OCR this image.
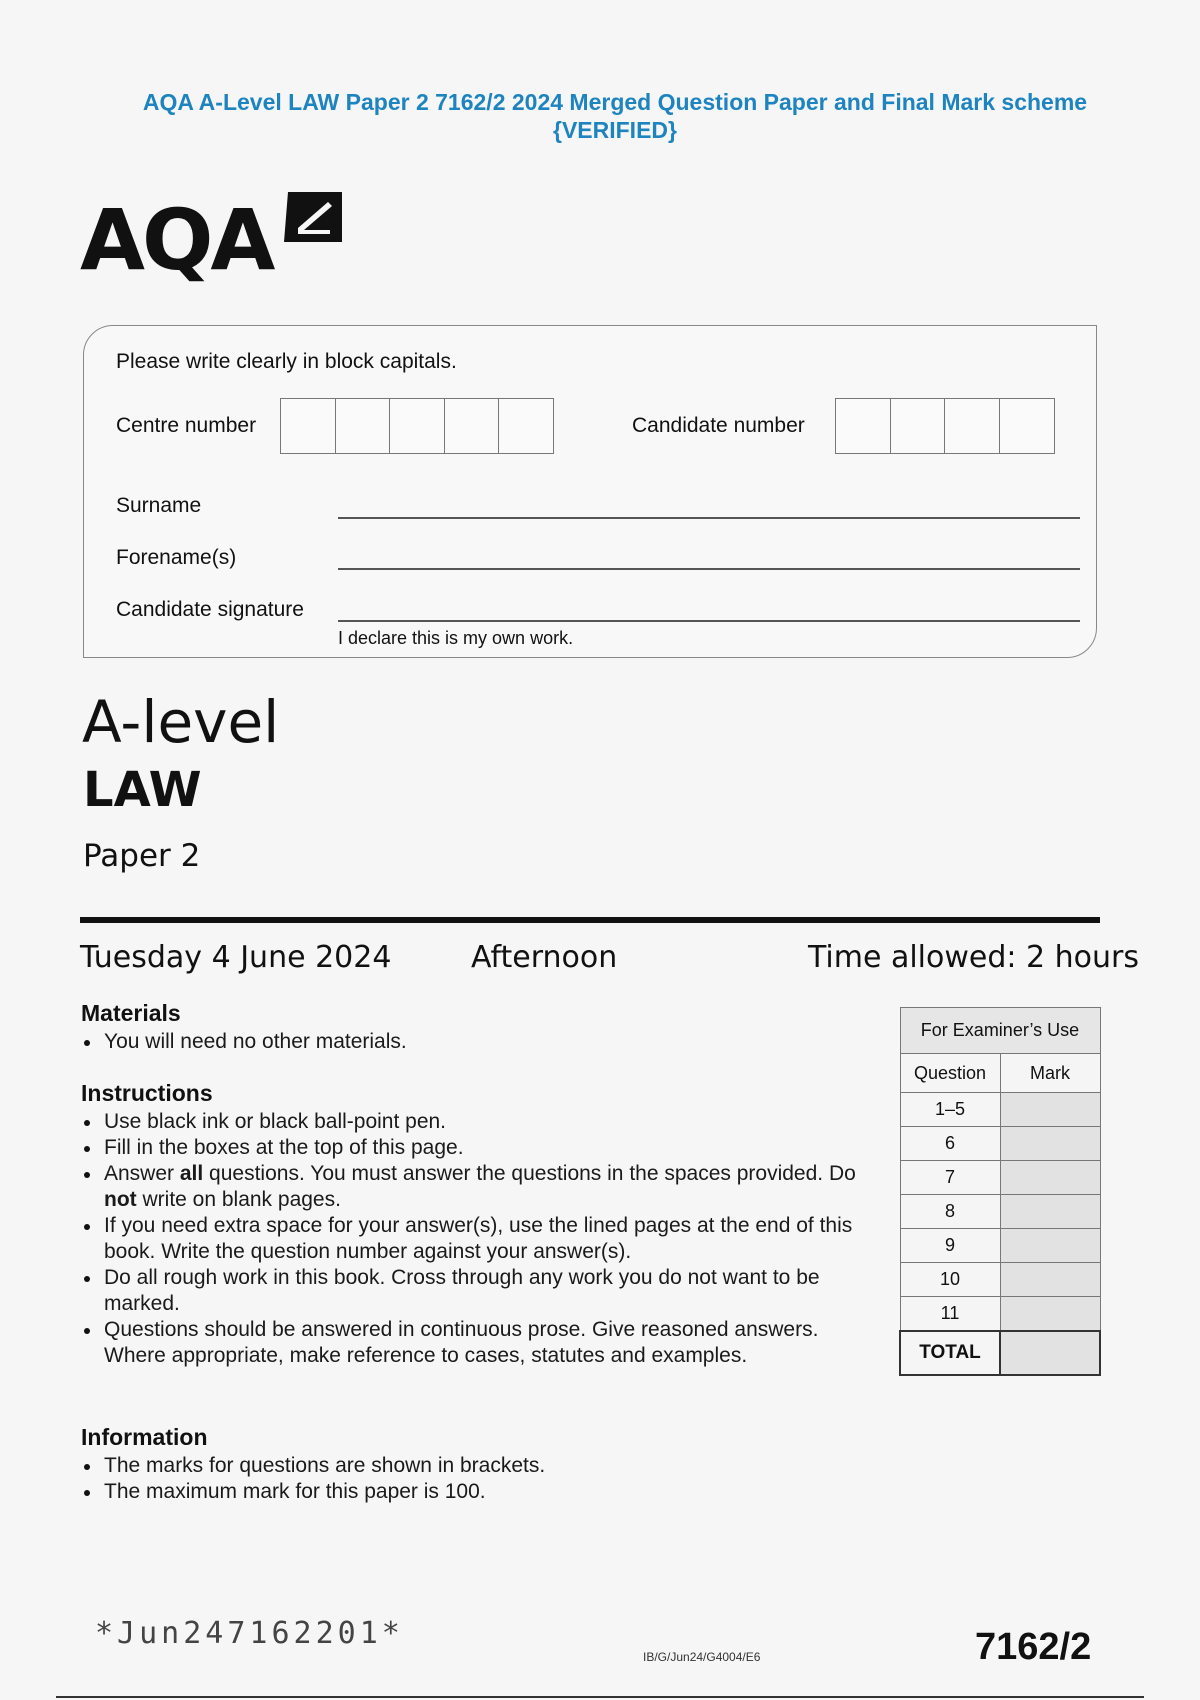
AQA A-Level LAW Paper 2 7162/2 2024 Merged Question Paper and Final Mark scheme
{VERIFIED}
AQA
Please write clearly in block capitals.
Centre number	Candidate number
Surname
Forename(s)
Candidate signature
I declare this is my own work.
A-level
LAW
Paper 2
Tuesday 4 June 2024	Afternoon	Time allowed: 2 hours
Materials
You will need no other materials.
Instructions
Use black ink or black ball-point pen.
Fill in the boxes at the top of this page.
Answer all questions. You must answer the questions in the spaces provided. Do not write on blank pages.
If you need extra space for your answer(s), use the lined pages at the end of this book. Write the question number against your answer(s).
Do all rough work in this book. Cross through any work you do not want to be marked.
Questions should be answered in continuous prose. Give reasoned answers. Where appropriate, make reference to cases, statutes and examples.
Information
The marks for questions are shown in brackets.
The maximum mark for this paper is 100.
For Examiner’s Use	
Question	Mark
1–5	
6	
7	
8	
9	
10	
11	
TOTAL	
*Jun247162201*
IB/G/Jun24/G4004/E6	7162/2
